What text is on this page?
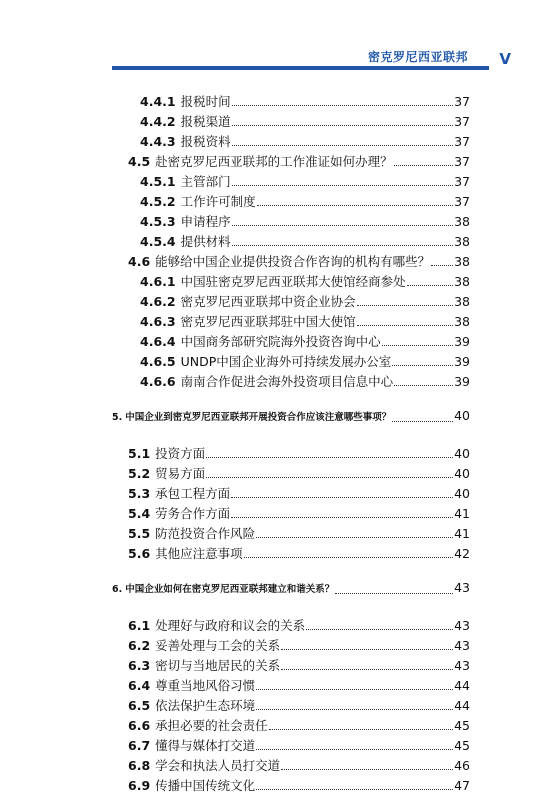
密克罗尼西亚联邦 V
4.4.1 报税时间	37
4.4.2 报税渠道	37
4.4.3 报税资料	37
4.5 赴密克罗尼西亚联邦的工作准证如何办理？	37
4.5.1 主管部门	37
4.5.2 工作许可制度	37
4.5.3 申请程序	38
4.5.4 提供材料	38
4.6 能够给中国企业提供投资合作咨询的机构有哪些？ 38
4.6.1 中国驻密克罗尼西亚联邦大使馆经商参处	38
4.6.2 密克罗尼西亚联邦中资企业协会	38
4.6.3 密克罗尼西亚联邦驻中国大使馆	38
4.6.4 中国商务部研究院海外投资咨询中心	39
4.6.5 UNDP中国企业海外可持续发展办公室	39
4.6.6 南南合作促进会海外投资项目信息中心	39
5. 中国企业到密克罗尼西亚联邦开展投资合作应该注意哪些事项？	40
5.1 投资方面	40
5.2 贸易方面	40
5.3 承包工程方面	40
5.4 劳务合作方面	41
5.5 防范投资合作风险	41
5.6 其他应注意事项	42
6. 中国企业如何在密克罗尼西亚联邦建立和谐关系？	43
6.1 处理好与政府和议会的关系	43
6.2 妥善处理与工会的关系	43
6.3 密切与当地居民的关系	43
6.4 尊重当地风俗习惯	44
6.5 依法保护生态环境	44
6.6 承担必要的社会责任	45
6.7 懂得与媒体打交道	45
6.8 学会和执法人员打交道	46
6.9 传播中国传统文化	47
